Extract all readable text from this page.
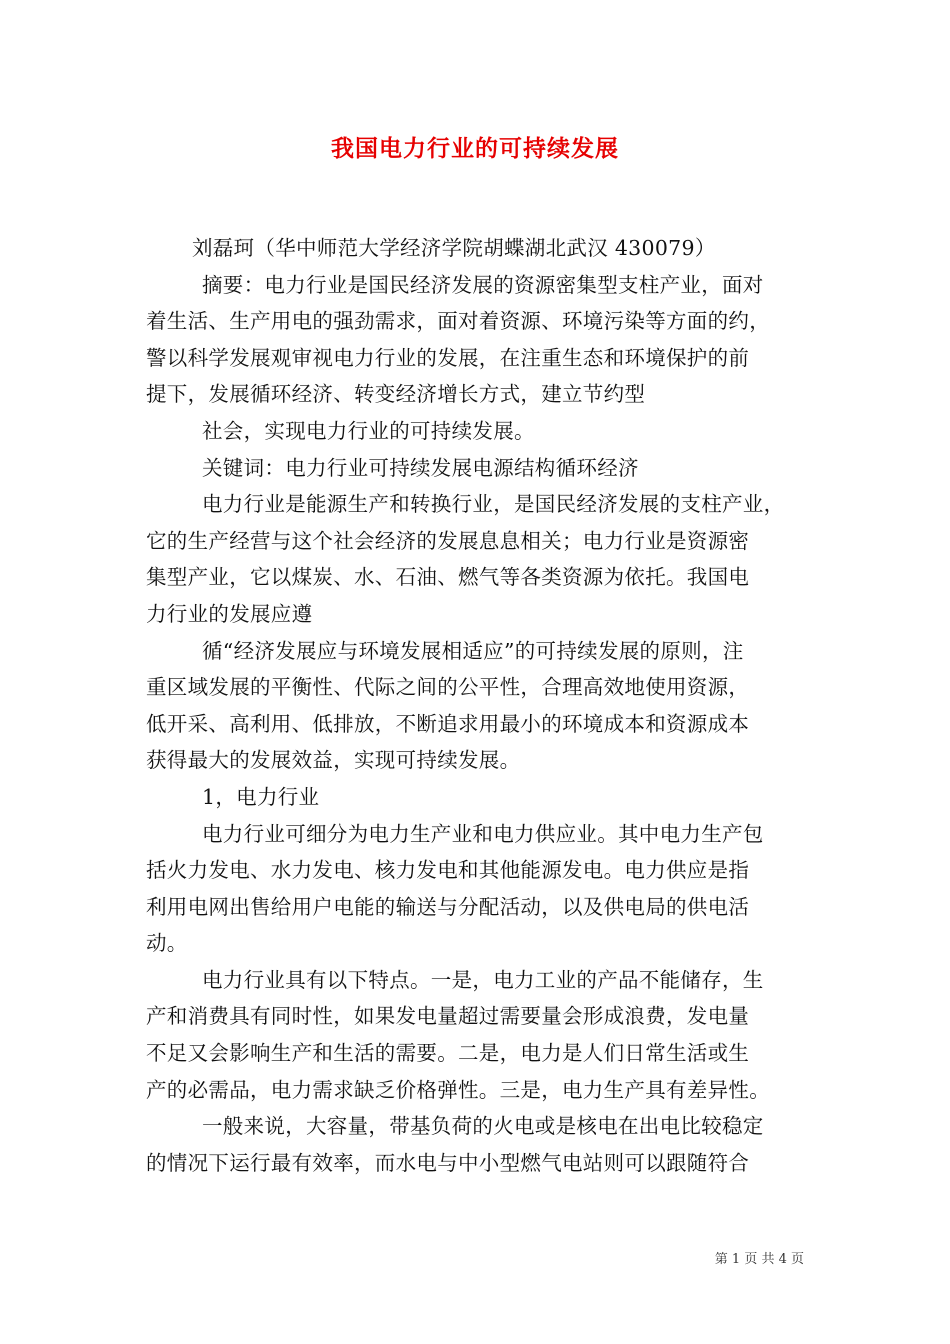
我国电力行业的可持续发展
刘磊珂（华中师范大学经济学院胡蝶湖北武汉 430079）
摘要：电力行业是国民经济发展的资源密集型支柱产业，面对
着生活、生产用电的强劲需求，面对着资源、环境污染等方面的约，
警以科学发展观审视电力行业的发展，在注重生态和环境保护的前
提下，发展循环经济、转变经济增长方式，建立节约型
社会，实现电力行业的可持续发展。
关键词：电力行业可持续发展电源结构循环经济
电力行业是能源生产和转换行业，是国民经济发展的支柱产业，
它的生产经营与这个社会经济的发展息息相关；电力行业是资源密
集型产业，它以煤炭、水、石油、燃气等各类资源为依托。我国电
力行业的发展应遵
循“经济发展应与环境发展相适应”的可持续发展的原则，注
重区域发展的平衡性、代际之间的公平性，合理高效地使用资源，
低开采、高利用、低排放，不断追求用最小的环境成本和资源成本
获得最大的发展效益，实现可持续发展。
1，电力行业
电力行业可细分为电力生产业和电力供应业。其中电力生产包
括火力发电、水力发电、核力发电和其他能源发电。电力供应是指
利用电网出售给用户电能的输送与分配活动，以及供电局的供电活
动。
电力行业具有以下特点。一是，电力工业的产品不能储存，生
产和消费具有同时性，如果发电量超过需要量会形成浪费，发电量
不足又会影响生产和生活的需要。二是，电力是人们日常生活或生
产的必需品，电力需求缺乏价格弹性。三是，电力生产具有差异性。
一般来说，大容量，带基负荷的火电或是核电在出电比较稳定
的情况下运行最有效率，而水电与中小型燃气电站则可以跟随符合
第 1 页 共 4 页
